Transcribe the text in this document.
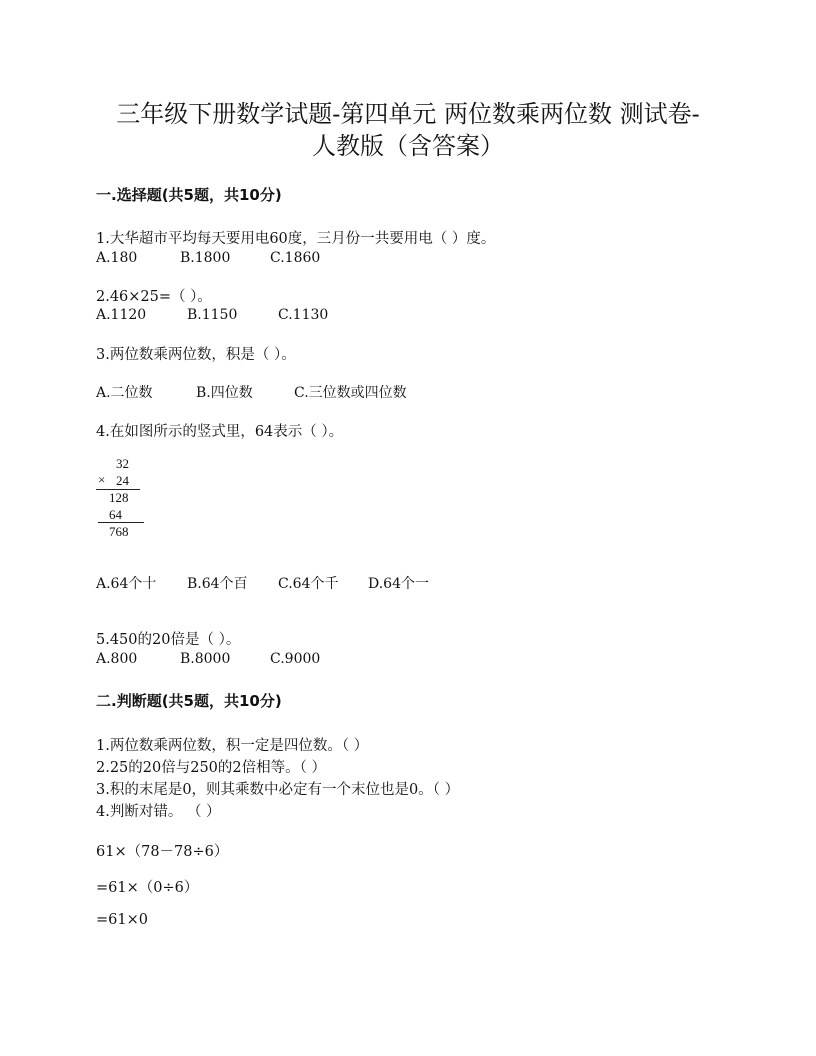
三年级下册数学试题-第四单元 两位数乘两位数 测试卷-
人教版（含答案）
一.选择题(共5题，共10分)
1.大华超市平均每天要用电60度，三月份一共要用电（ ）度。
A.180	B.1800	C.1860
2.46×25=（ ）。
A.1120	B.1150	C.1130
3.两位数乘两位数，积是（ ）。
A.二位数	B.四位数	C.三位数或四位数
4.在如图所示的竖式里，64表示（ ）。
32
× 24
128
64
768
A.64个十 B.64个百 C.64个千 D.64个一
5.450的20倍是（ ）。
A.800	B.8000	C.9000
二.判断题(共5题，共10分)
1.两位数乘两位数，积一定是四位数。（ ）
2.25的20倍与250的2倍相等。（ ）
3.积的末尾是0，则其乘数中必定有一个末位也是0。（ ）
4.判断对错。 （ ）
61×（78－78÷6）
=61×（0÷6）
=61×0
